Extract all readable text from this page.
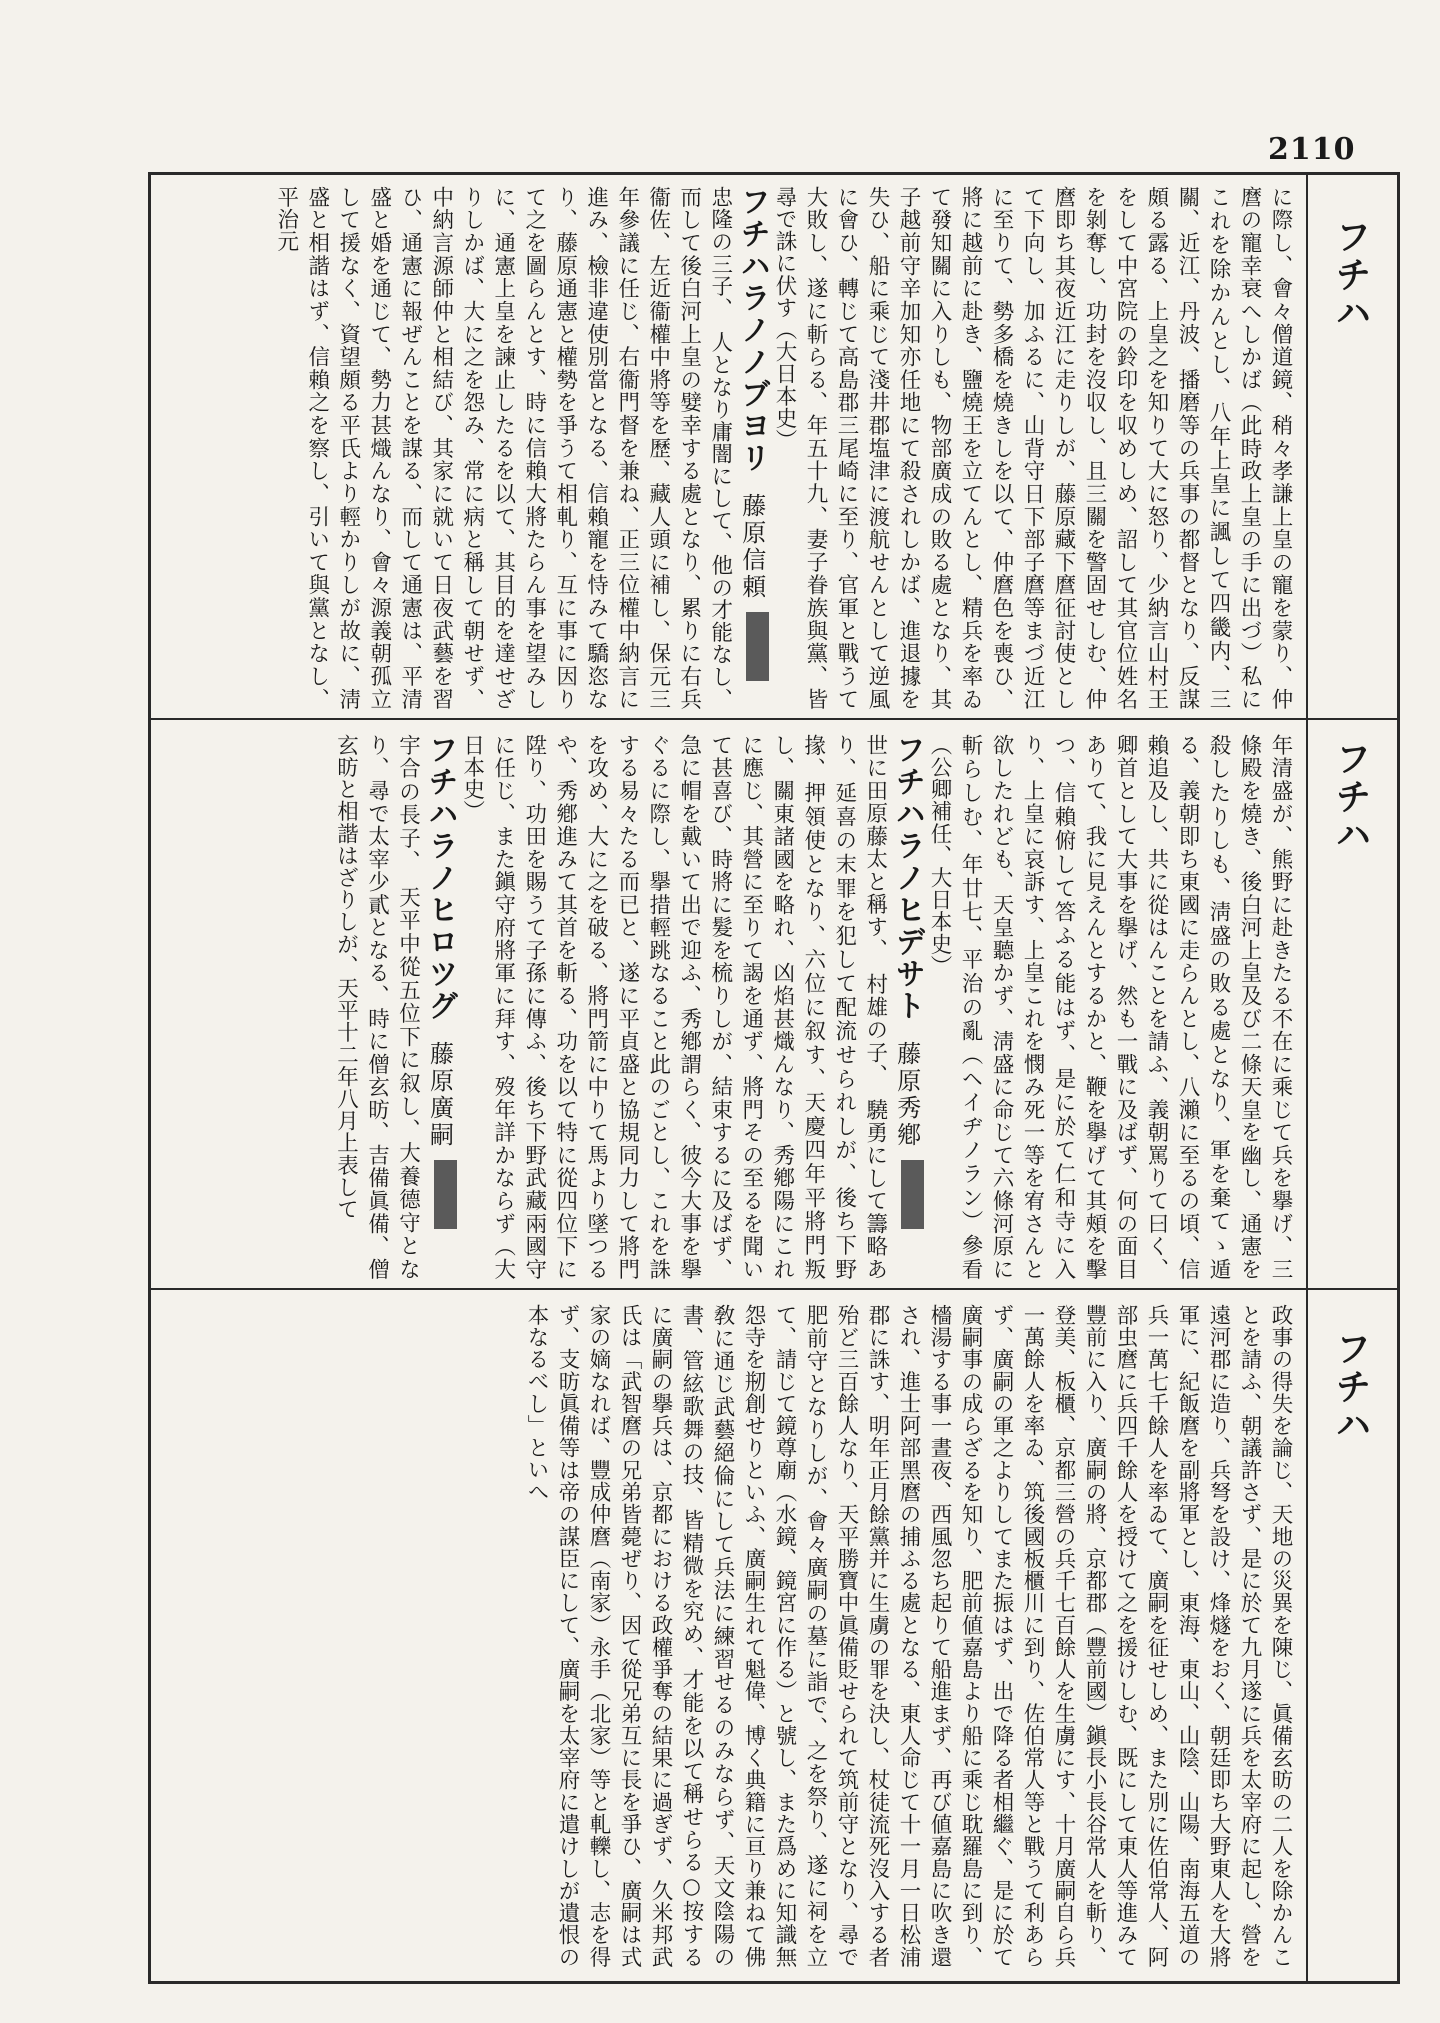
2110
フチハ
フチハ
フチハ

に際し、會々僧道鏡、稍々孝謙上皇の寵を蒙り、仲麿の寵幸衰へしかば（此時政上皇の手に出づ）私にこれを除かんとし、八年上皇に諷して四畿内、三關、近江、丹波、播磨等の兵事の都督となり、反謀頗る露る、上皇之を知りて大に怒り、少納言山村王をして中宮院の鈴印を収めしめ、詔して其官位姓名を剝奪し、功封を沒収し、且三關を警固せしむ、仲麿即ち其夜近江に走りしが、藤原藏下麿征討使として下向し、加ふるに、山背守日下部子麿等まづ近江に至りて、勢多橋を燒きしを以て、仲麿色を喪ひ、將に越前に赴き、鹽燒王を立てんとし、精兵を率ゐて發知關に入りしも、物部廣成の敗る處となり、其子越前守辛加知亦任地にて殺されしかば、進退據を失ひ、船に乘じて淺井郡塩津に渡航せんとして逆風に會ひ、轉じて高島郡三尾崎に至り、官軍と戰うて大敗し、遂に斬らる、年五十九、妻子眷族與黨、皆尋で誅に伏す（大日本史）

フチハラノノブヨリ藤原信頼
忠隆の三子、　人となり庸闇にして、他の才能なし、而して後白河上皇の嬖幸する處となり、累りに右兵衞佐、左近衞權中將等を歷、藏人頭に補し、保元三年參議に任じ、右衞門督を兼ね、正三位權中納言に進み、檢非違使別當となる、信賴寵を恃みて驕恣なり、藤原通憲と權勢を爭うて相軋り、互に事に因りて之を圖らんとす、時に信賴大將たらん事を望みしに、通憲上皇を諫止したるを以て、其目的を達せざりしかば、大に之を怨み、常に病と稱して朝せず、中納言源師仲と相結び、其家に就いて日夜武藝を習ひ、通憲に報ぜんことを謀る、而して通憲は、平清盛と婚を通じて、勢力甚熾んなり、會々源義朝孤立して援なく、資望頗る平氏より輕かりしが故に、淸盛と相諧はず、信賴之を察し、引いて與黨となし、平治元

年清盛が、熊野に赴きたる不在に乘じて兵を擧げ、三條殿を燒き、後白河上皇及び二條天皇を幽し、通憲を殺したりしも、淸盛の敗る處となり、軍を棄てゝ遁る、義朝即ち東國に走らんとし、八瀨に至るの頃、信賴追及し、共に從はんことを請ふ、義朝罵りて曰く、卿首として大事を擧げ、然も一戰に及ばず、何の面目ありて、我に見えんとするかと、鞭を擧げて其頰を擊つ、信賴俯して答ふる能はず、是に於て仁和寺に入り、上皇に哀訴す、上皇これを憫み死一等を宥さんと欲したれども、天皇聽かず、淸盛に命じて六條河原に斬らしむ、年廿七、平治の亂（ヘイヂノラン）參看（公卿補任、大日本史）

フチハラノヒデサト藤原秀鄕
世に田原藤太と稱す、　村雄の子、　驍勇にして籌略あり、延喜の末罪を犯して配流せられしが、後ち下野掾、押領使となり、六位に叙す、天慶四年平將門叛し、關東諸國を略れ、凶焰甚熾んなり、秀鄕陽にこれに應じ、其營に至りて謁を通ず、將門その至るを聞いて甚喜び、時將に髮を梳りしが、結束するに及ばず、急に帽を戴いて出で迎ふ、秀鄕謂らく、彼今大事を擧ぐるに際し、擧措輕跳なること此のごとし、これを誅する易々たる而已と、遂に平貞盛と協規同力して將門を攻め、大に之を破る、將門箭に中りて馬より墜つるや、秀鄕進みて其首を斬る、功を以て特に從四位下に陞り、功田を賜うて子孫に傳ふ、後ち下野武藏兩國守に任じ、また鎭守府將軍に拜す、歿年詳かならず（大日本史）

フチハラノヒロツグ藤原廣嗣
宇合の長子、　天平中從五位下に叙し、大養德守となり、尋で太宰少貳となる、時に僧玄昉、吉備眞備、僧玄昉と相諧はざりしが、天平十二年八月上表して

政事の得失を論じ、天地の災異を陳じ、眞備玄昉の二人を除かんことを請ふ、朝議許さず、是に於て九月遂に兵を太宰府に起し、營を遠河郡に造り、兵弩を設け、烽燧をおく、朝廷即ち大野東人を大將軍に、紀飯麿を副將軍とし、東海、東山、山陰、山陽、南海五道の兵一萬七千餘人を率ゐて、廣嗣を征せしめ、また別に佐伯常人、阿部虫麿に兵四千餘人を授けて之を援けしむ、既にして東人等進みて豐前に入り、廣嗣の將、京都郡（豐前國）鎭長小長谷常人を斬り、登美、板櫃、京都三營の兵千七百餘人を生虜にす、十月廣嗣自ら兵一萬餘人を率ゐ、筑後國板櫃川に到り、佐伯常人等と戰うて利あらず、廣嗣の軍之よりしてまた振はず、出で降る者相繼ぐ、是に於て廣嗣事の成らざるを知り、肥前値嘉島より船に乘じ耽羅島に到り、檣湯する事一晝夜、西風忽ち起りて船進まず、再び値嘉島に吹き還され、進士阿部黑麿の捕ふる處となる、東人命じて十一月一日松浦郡に誅す、明年正月餘黨并に生虜の罪を決し、杖徒流死沒入する者殆ど三百餘人なり、天平勝寶中眞備貶せられて筑前守となり、尋で肥前守となりしが、會々廣嗣の墓に詣で、之を祭り、遂に祠を立て、請じて鏡尊廟（水鏡、鏡宮に作る）と號し、また爲めに知識無怨寺を剏創せりといふ、廣嗣生れて魁偉、博く典籍に亘り兼ねて佛敎に通じ武藝絕倫にして兵法に練習せるのみならず、天文陰陽の書、管絃歌舞の技、皆精微を究め、才能を以て稱せらる○按するに廣嗣の擧兵は、京都における政權爭奪の結果に過ぎず、久米邦武氏は「武智麿の兄弟皆薨ぜり、因て從兄弟互に長を爭ひ、廣嗣は式家の嫡なれば、豐成仲麿（南家）永手（北家）等と軋轢し、志を得ず、支昉眞備等は帝の謀臣にして、廣嗣を太宰府に遣けしが遺恨の本なるべし」といへ
